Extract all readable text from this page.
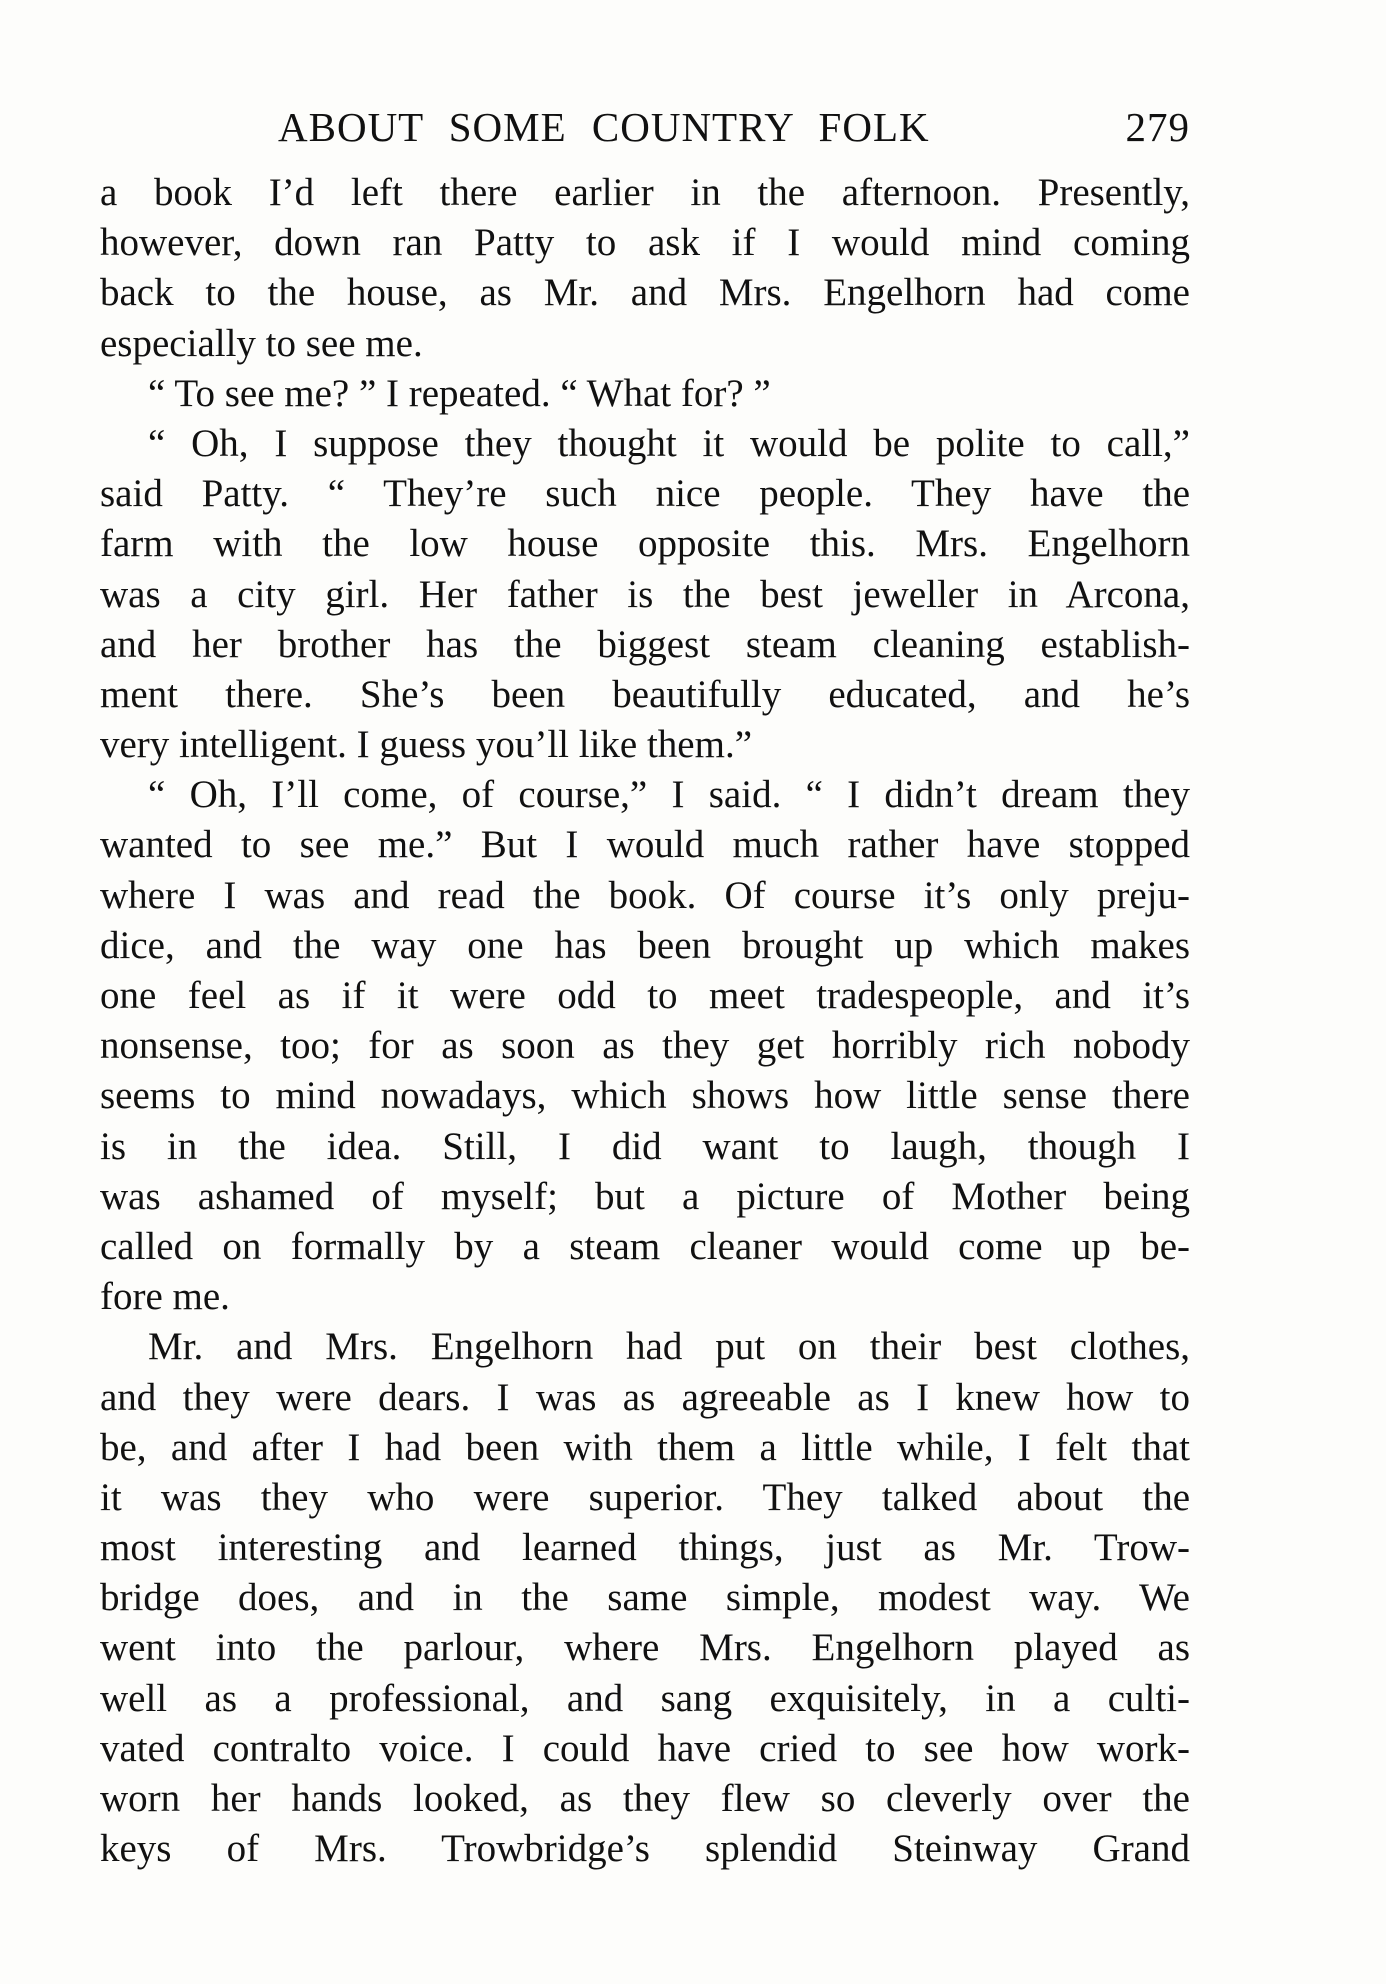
ABOUT SOME COUNTRY FOLK	279
a book I’d left there earlier in the afternoon. Presently,
however, down ran Patty to ask if I would mind coming
back to the house, as Mr. and Mrs. Engelhorn had come
especially to see me.
“ To see me? ” I repeated. “ What for? ”
“ Oh, I suppose they thought it would be polite to call,”
said Patty. “ They’re such nice people. They have the
farm with the low house opposite this. Mrs. Engelhorn
was a city girl. Her father is the best jeweller in Arcona,
and her brother has the biggest steam cleaning establish-
ment there. She’s been beautifully educated, and he’s
very intelligent. I guess you’ll like them.”
“ Oh, I’ll come, of course,” I said. “ I didn’t dream they
wanted to see me.” But I would much rather have stopped
where I was and read the book. Of course it’s only preju-
dice, and the way one has been brought up which makes
one feel as if it were odd to meet tradespeople, and it’s
nonsense, too; for as soon as they get horribly rich nobody
seems to mind nowadays, which shows how little sense there
is in the idea. Still, I did want to laugh, though I
was ashamed of myself; but a picture of Mother being
called on formally by a steam cleaner would come up be-
fore me.
Mr. and Mrs. Engelhorn had put on their best clothes,
and they were dears. I was as agreeable as I knew how to
be, and after I had been with them a little while, I felt that
it was they who were superior. They talked about the
most interesting and learned things, just as Mr. Trow-
bridge does, and in the same simple, modest way. We
went into the parlour, where Mrs. Engelhorn played as
well as a professional, and sang exquisitely, in a culti-
vated contralto voice. I could have cried to see how work-
worn her hands looked, as they flew so cleverly over the
keys of Mrs. Trowbridge’s splendid Steinway Grand
